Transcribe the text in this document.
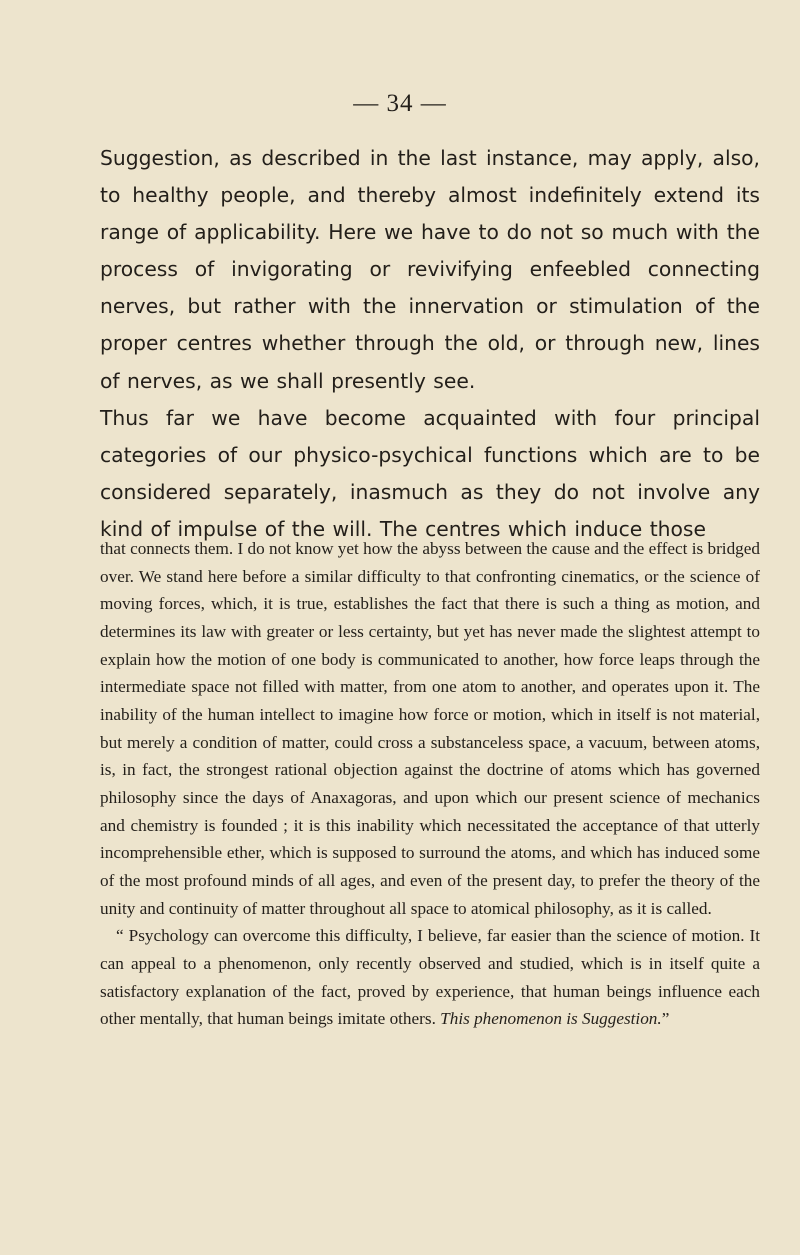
— 34 —

Suggestion, as described in the last instance, may apply, also, to healthy people, and thereby almost indefinitely extend its range of applicability. Here we have to do not so much with the process of invigorating or revivifying enfeebled connecting nerves, but rather with the innervation or stimulation of the proper centres whether through the old, or through new, lines of nerves, as we shall presently see.

Thus far we have become acquainted with four principal categories of our physico-psychical functions which are to be considered separately, inasmuch as they do not involve any kind of impulse of the will. The centres which induce those

that connects them. I do not know yet how the abyss between the cause and the effect is bridged over. We stand here before a similar difficulty to that confronting cinematics, or the science of moving forces, which, it is true, establishes the fact that there is such a thing as motion, and determines its law with greater or less certainty, but yet has never made the slightest attempt to explain how the motion of one body is communicated to another, how force leaps through the intermediate space not filled with matter, from one atom to another, and operates upon it. The inability of the human intellect to imagine how force or motion, which in itself is not material, but merely a condition of matter, could cross a substanceless space, a vacuum, between atoms, is, in fact, the strongest rational objection against the doctrine of atoms which has governed philosophy since the days of Anaxagoras, and upon which our present science of mechanics and chemistry is founded ; it is this inability which necessitated the acceptance of that utterly incomprehensible ether, which is supposed to surround the atoms, and which has induced some of the most profound minds of all ages, and even of the present day, to prefer the theory of the unity and continuity of matter throughout all space to atomical philosophy, as it is called.

“ Psychology can overcome this difficulty, I believe, far easier than the science of motion. It can appeal to a phenomenon, only recently observed and studied, which is in itself quite a satisfactory explanation of the fact, proved by experience, that human beings influence each other mentally, that human beings imitate others. This phenomenon is Suggestion.”
